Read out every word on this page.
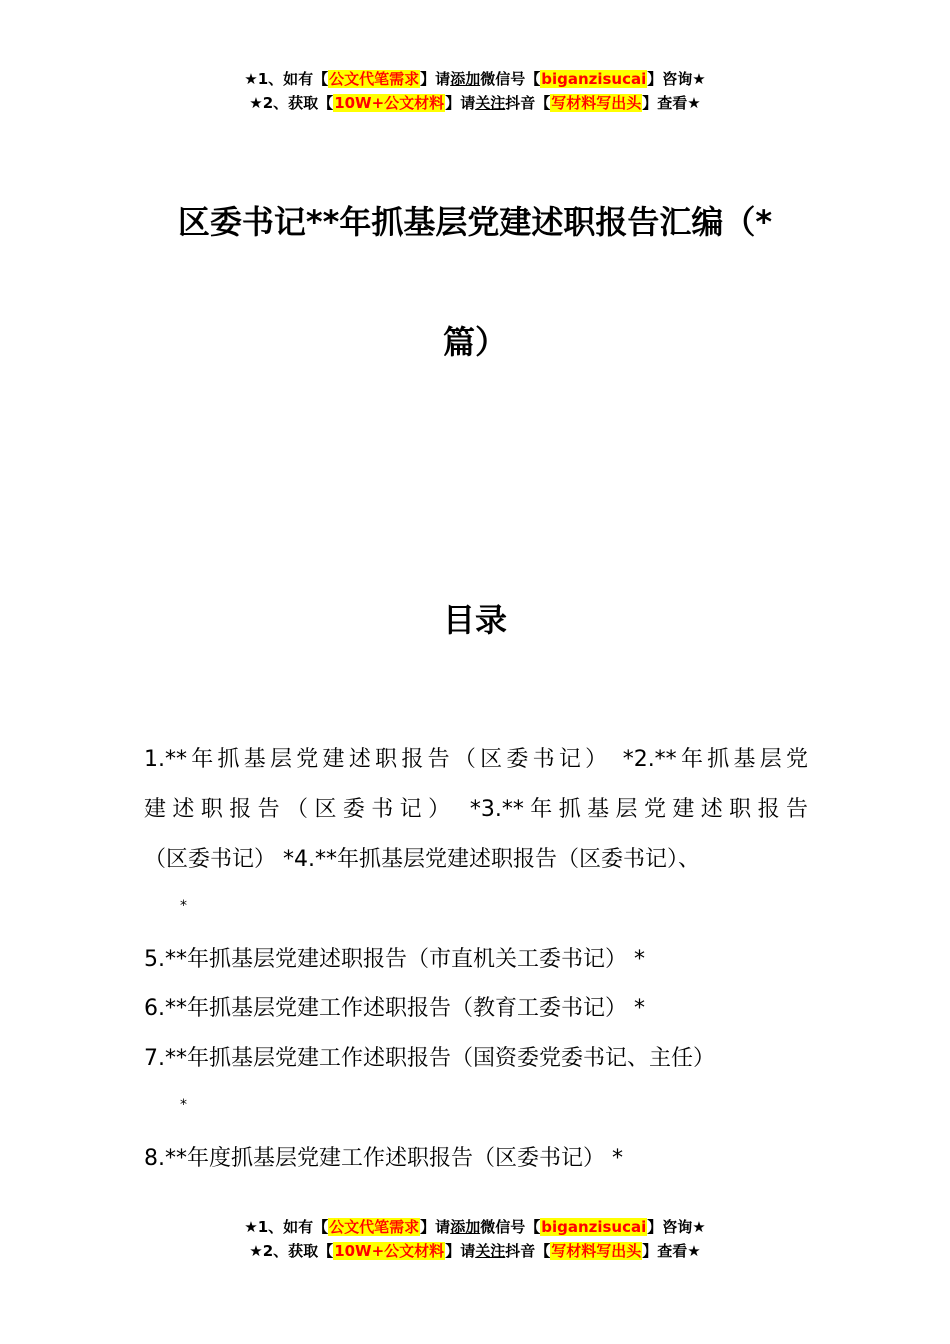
★1、如有【公文代笔需求】请添加微信号【biganzisucai】咨询★
★2、获取【10W+公文材料】请关注抖音【写材料写出头】查看★
区委书记**年抓基层党建述职报告汇编（*
篇）
目录
1.**年抓基层党建述职报告（区委书记） *2.**年抓基层党
建述职报告（区委书记） *3.**年抓基层党建述职报告
（区委书记） *4.**年抓基层党建述职报告（区委书记）、
*
5.**年抓基层党建述职报告（市直机关工委书记） *
6.**年抓基层党建工作述职报告（教育工委书记） *
7.**年抓基层党建工作述职报告（国资委党委书记、主任）
*
8.**年度抓基层党建工作述职报告（区委书记） *
★1、如有【公文代笔需求】请添加微信号【biganzisucai】咨询★
★2、获取【10W+公文材料】请关注抖音【写材料写出头】查看★
